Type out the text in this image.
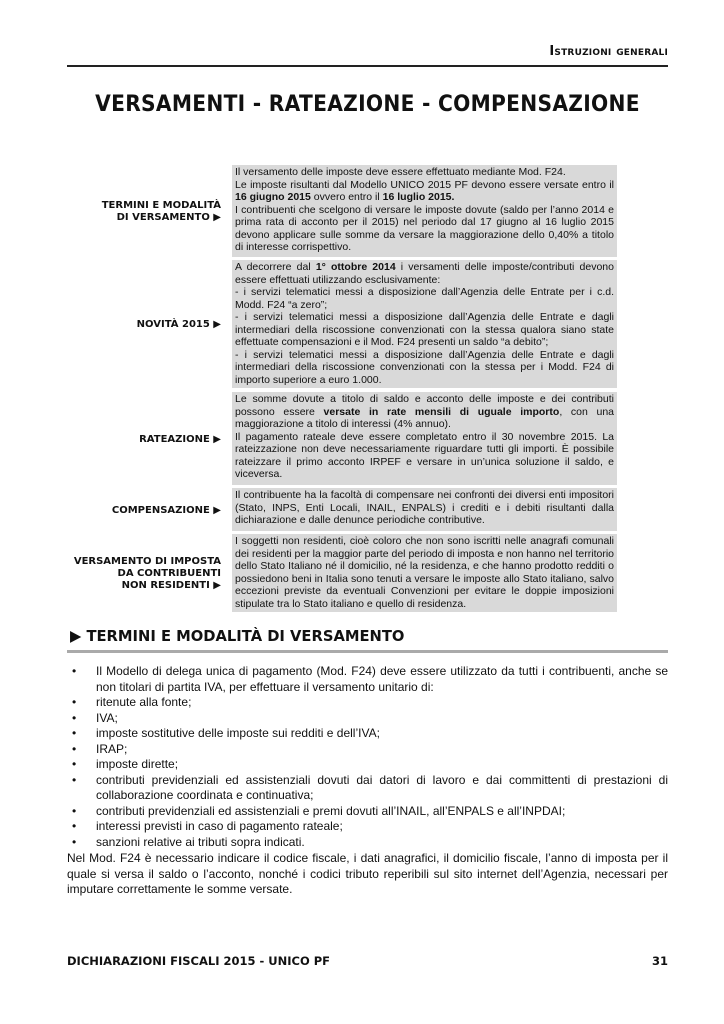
Istruzioni generali
VERSAMENTI - RATEAZIONE - COMPENSAZIONE
TERMINI E MODALITÀ
DI VERSAMENTO ▶

Il versamento delle imposte deve essere effettuato mediante Mod. F24.
Le imposte risultanti dal Modello UNICO 2015 PF devono essere versate entro il 16 giugno 2015 ovvero entro il 16 luglio 2015.
I contribuenti che scelgono di versare le imposte dovute (saldo per l’anno 2014 e prima rata di acconto per il 2015) nel periodo dal 17 giugno al 16 luglio 2015 devono applicare sulle somme da versare la maggiorazione dello 0,40% a titolo di interesse corrispettivo.

NOVITÀ 2015 ▶

A decorrere dal 1° ottobre 2014 i versamenti delle imposte/contributi devono essere effettuati utilizzando esclusivamente:
- i servizi telematici messi a disposizione dall’Agenzia delle Entrate per i c.d. Modd. F24 “a zero”;
- i servizi telematici messi a disposizione dall’Agenzia delle Entrate e dagli intermediari della riscossione convenzionati con la stessa qualora siano state effettuate compensazioni e il Mod. F24 presenti un saldo “a debito”;
- i servizi telematici messi a disposizione dall’Agenzia delle Entrate e dagli intermediari della riscossione convenzionati con la stessa per i Modd. F24 di importo superiore a euro 1.000.

RATEAZIONE ▶

Le somme dovute a titolo di saldo e acconto delle imposte e dei contributi possono essere versate in rate mensili di uguale importo, con una maggiorazione a titolo di interessi (4% annuo).
Il pagamento rateale deve essere completato entro il 30 novembre 2015. La rateizzazione non deve necessariamente riguardare tutti gli importi. È possibile rateizzare il primo acconto IRPEF e versare in un’unica soluzione il saldo, e viceversa.

COMPENSAZIONE ▶

Il contribuente ha la facoltà di compensare nei confronti dei diversi enti impositori (Stato, INPS, Enti Locali, INAIL, ENPALS) i crediti e i debiti risultanti dalla dichiarazione e dalle denunce periodiche contributive.

VERSAMENTO DI IMPOSTA
DA CONTRIBUENTI
NON RESIDENTI ▶

I soggetti non residenti, cioè coloro che non sono iscritti nelle anagrafi comunali dei residenti per la maggior parte del periodo di imposta e non hanno nel territorio dello Stato Italiano né il domicilio, né la residenza, e che hanno prodotto redditi o possiedono beni in Italia sono tenuti a versare le imposte allo Stato italiano, salvo eccezioni previste da eventuali Convenzioni per evitare le doppie imposizioni stipulate tra lo Stato italiano e quello di residenza.

▶ TERMINI E MODALITÀ DI VERSAMENTO
• Il Modello di delega unica di pagamento (Mod. F24) deve essere utilizzato da tutti i contribuenti, anche se non titolari di partita IVA, per effettuare il versamento unitario di:
• ritenute alla fonte;
• IVA;
• imposte sostitutive delle imposte sui redditi e dell’IVA;
• IRAP;
• imposte dirette;
• contributi previdenziali ed assistenziali dovuti dai datori di lavoro e dai committenti di prestazioni di collaborazione coordinata e continuativa;
• contributi previdenziali ed assistenziali e premi dovuti all’INAIL, all’ENPALS e all’INPDAI;
• interessi previsti in caso di pagamento rateale;
• sanzioni relative ai tributi sopra indicati.

Nel Mod. F24 è necessario indicare il codice fiscale, i dati anagrafici, il domicilio fiscale, l’anno di imposta per il quale si versa il saldo o l’acconto, nonché i codici tributo reperibili sul sito internet dell’Agenzia, necessari per imputare correttamente le somme versate.

DICHIARAZIONI FISCALI 2015 - UNICO PF	31
